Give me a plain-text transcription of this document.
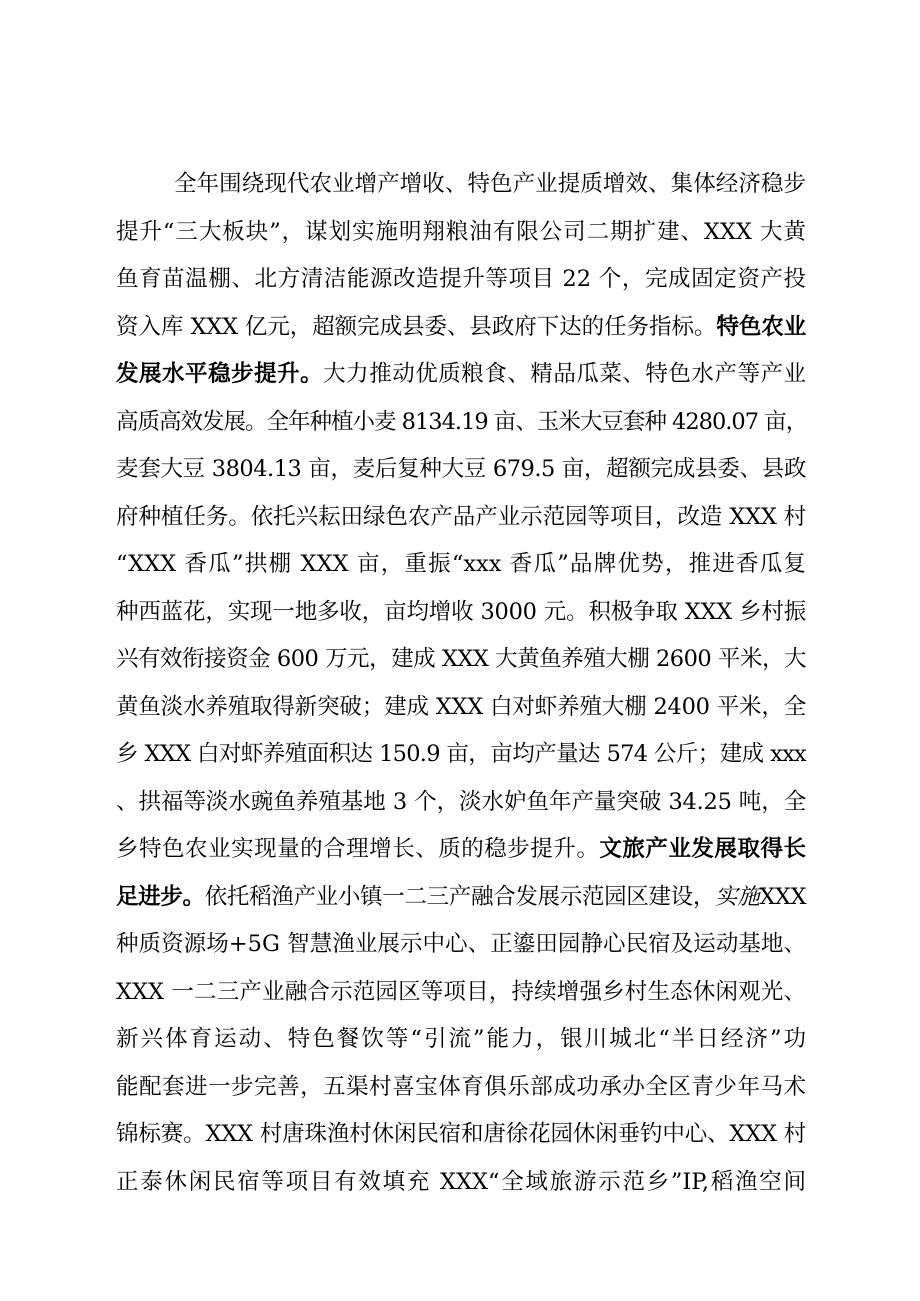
全年围绕现代农业增产增收、特色产业提质增效、集体经济稳步
提升“三大板块”，谋划实施明翔粮油有限公司二期扩建、XXX 大黄
鱼育苗温棚、北方清洁能源改造提升等项目 22 个，完成固定资产投
资入库 XXX 亿元，超额完成县委、县政府下达的任务指标。特色农业
发展水平稳步提升。大力推动优质粮食、精品瓜菜、特色水产等产业
高质高效发展。全年种植小麦 8134.19 亩、玉米大豆套种 4280.07 亩，
麦套大豆 3804.13 亩，麦后复种大豆 679.5 亩，超额完成县委、县政
府种植任务。依托兴耘田绿色农产品产业示范园等项目，改造 XXX 村
“XXX 香瓜”拱棚 XXX 亩，重振“xxx 香瓜”品牌优势，推进香瓜复
种西蓝花，实现一地多收，亩均增收 3000 元。积极争取 XXX 乡村振
兴有效衔接资金 600 万元，建成 XXX 大黄鱼养殖大棚 2600 平米，大
黄鱼淡水养殖取得新突破；建成 XXX 白对虾养殖大棚 2400 平米，全
乡 XXX 白对虾养殖面积达 150.9 亩，亩均产量达 574 公斤；建成 xxx
、拱福等淡水豌鱼养殖基地 3 个，淡水妒鱼年产量突破 34.25 吨，全
乡特色农业实现量的合理增长、质的稳步提升。文旅产业发展取得长
足进步。依托稻渔产业小镇一二三产融合发展示范园区建设，实施XXX
种质资源场+5G 智慧渔业展示中心、正鎏田园静心民宿及运动基地、
XXX 一二三产业融合示范园区等项目，持续增强乡村生态休闲观光、
新兴体育运动、特色餐饮等“引流”能力，银川城北“半日经济”功
能配套进一步完善，五渠村喜宝体育俱乐部成功承办全区青少年马术
锦标赛。XXX 村唐珠渔村休闲民宿和唐徐花园休闲垂钓中心、XXX 村
正泰休闲民宿等项目有效填充 XXX“全域旅游示范乡”IP,稻渔空间
